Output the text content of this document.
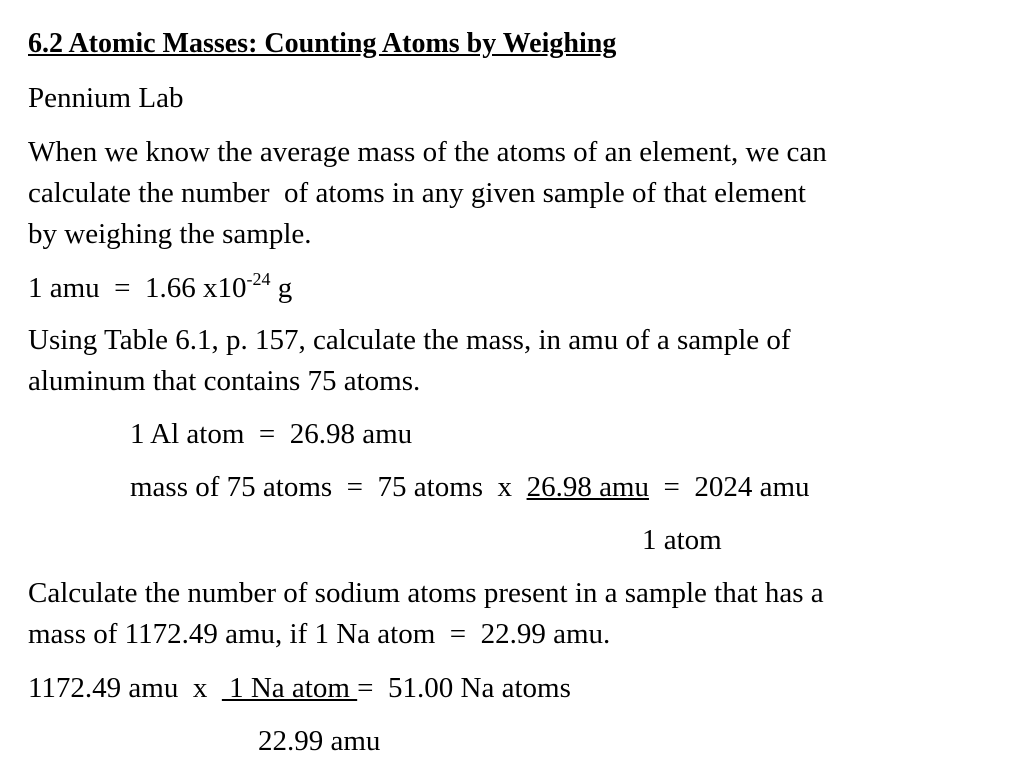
6.2 Atomic Masses: Counting Atoms by Weighing
Pennium Lab
When we know the average mass of the atoms of an element, we can
calculate the number  of atoms in any given sample of that element
by weighing the sample.
1 amu  =  1.66 $x10^{-24}$ g
Using Table 6.1, p. 157, calculate the mass, in amu of a sample of
aluminum that contains 75 atoms.
1 Al atom  =  26.98 amu
mass of 75 atoms  =  75 atoms  x  26.98 amu  =  2024 amu
1 atom
Calculate the number of sodium atoms present in a sample that has a
mass of 1172.49 amu, if 1 Na atom  =  22.99 amu.
1172.49 amu  x   1 Na atom =  51.00 Na atoms
22.99 amu
